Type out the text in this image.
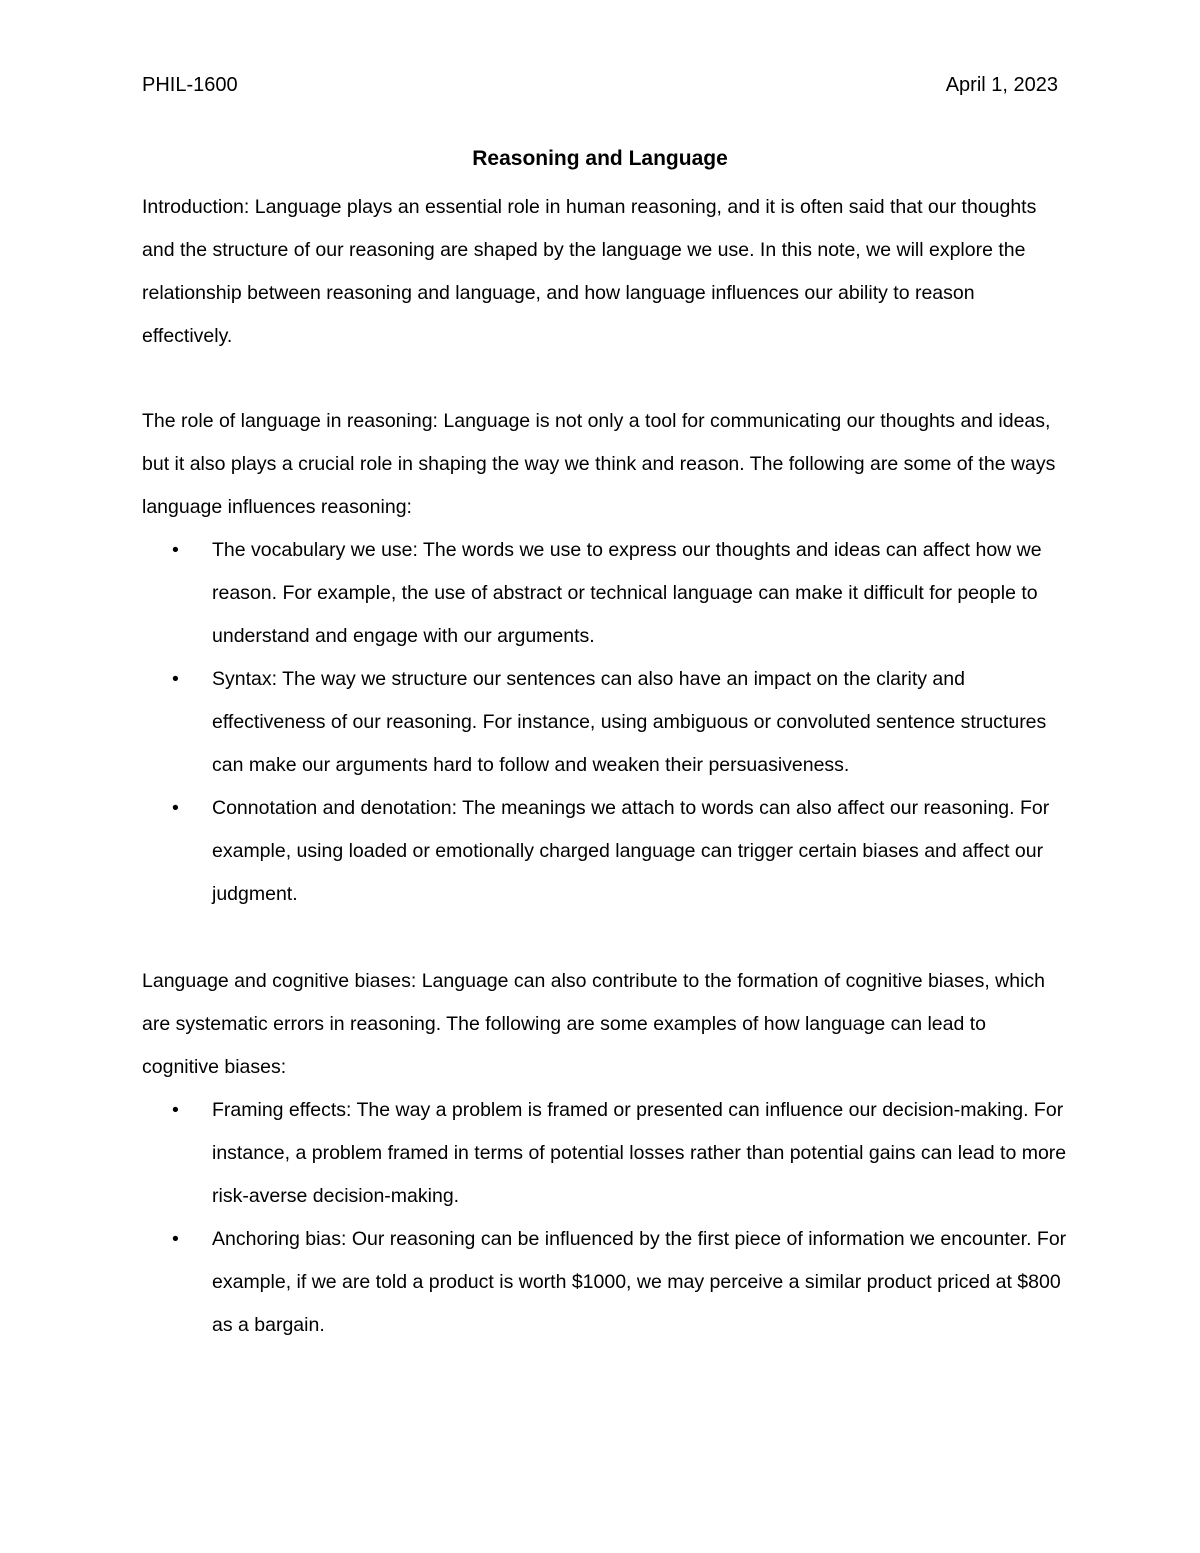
PHIL-1600	April 1, 2023
Reasoning and Language

Introduction: Language plays an essential role in human reasoning, and it is often said that our thoughts and the structure of our reasoning are shaped by the language we use. In this note, we will explore the relationship between reasoning and language, and how language influences our ability to reason effectively.

The role of language in reasoning: Language is not only a tool for communicating our thoughts and ideas, but it also plays a crucial role in shaping the way we think and reason. The following are some of the ways language influences reasoning:

• The vocabulary we use: The words we use to express our thoughts and ideas can affect how we reason. For example, the use of abstract or technical language can make it difficult for people to understand and engage with our arguments.
• Syntax: The way we structure our sentences can also have an impact on the clarity and effectiveness of our reasoning. For instance, using ambiguous or convoluted sentence structures can make our arguments hard to follow and weaken their persuasiveness.
• Connotation and denotation: The meanings we attach to words can also affect our reasoning. For example, using loaded or emotionally charged language can trigger certain biases and affect our judgment.

Language and cognitive biases: Language can also contribute to the formation of cognitive biases, which are systematic errors in reasoning. The following are some examples of how language can lead to cognitive biases:

• Framing effects: The way a problem is framed or presented can influence our decision-making. For instance, a problem framed in terms of potential losses rather than potential gains can lead to more risk-averse decision-making.
• Anchoring bias: Our reasoning can be influenced by the first piece of information we encounter. For example, if we are told a product is worth $1000, we may perceive a similar product priced at $800 as a bargain.
